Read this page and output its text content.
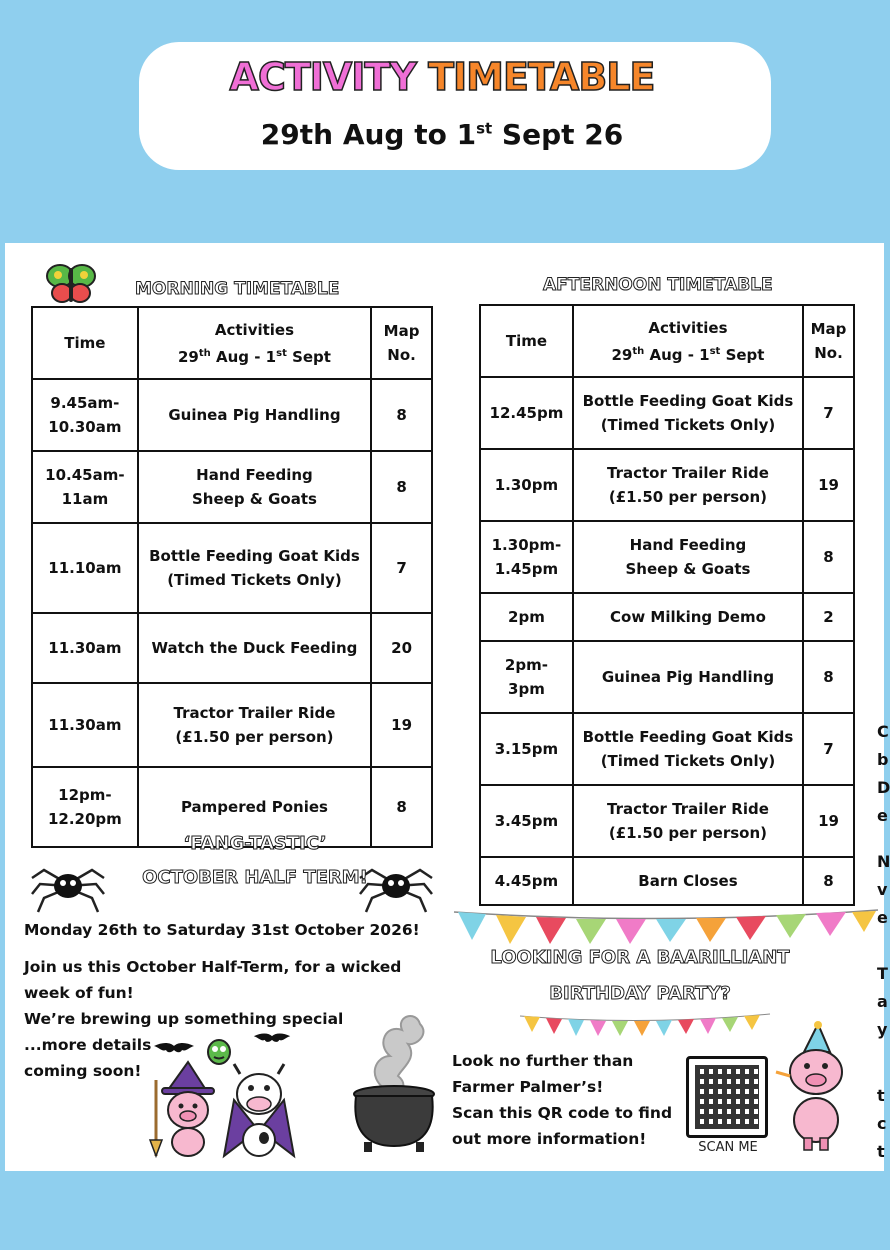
ACTIVITY TIMETABLE
29th Aug to 1st Sept 26
MORNING TIMETABLE	AFTERNOON TIMETABLE
Time	Activities
29th Aug - 1st Sept	Map
No.

9.45am-
10.30am	Guinea Pig Handling	8

10.45am-
11am	Hand Feeding
Sheep & Goats	8

11.10am	Bottle Feeding Goat Kids
(Timed Tickets Only)	7

11.30am	Watch the Duck Feeding	20

11.30am	Tractor Trailer Ride
(£1.50 per person)	19

12pm-
12.20pm	Pampered Ponies	8
Time	Activities
29th Aug - 1st Sept	Map
No.

12.45pm	Bottle Feeding Goat Kids
(Timed Tickets Only)	7

1.30pm	Tractor Trailer Ride
(£1.50 per person)	19

1.30pm-
1.45pm	Hand Feeding
Sheep & Goats	8

2pm	Cow Milking Demo	2

2pm-
3pm	Guinea Pig Handling	8

3.15pm	Bottle Feeding Goat Kids
(Timed Tickets Only)	7

3.45pm	Tractor Trailer Ride
(£1.50 per person)	19

4.45pm	Barn Closes	8
‘FANG-TASTIC’
OCTOBER HALF TERM!
Monday 26th to Saturday 31st October 2026!
Join us this October Half-Term, for a wicked
week of fun!
We’re brewing up something special
...more details
coming soon!
LOOKING FOR A BAARILLIANT
BIRTHDAY PARTY?
Look no further than
Farmer Palmer’s!
Scan this QR code to find
out more information!	SCAN ME
C
b
D
e
N
v
e
T
a
y
t
c
t
